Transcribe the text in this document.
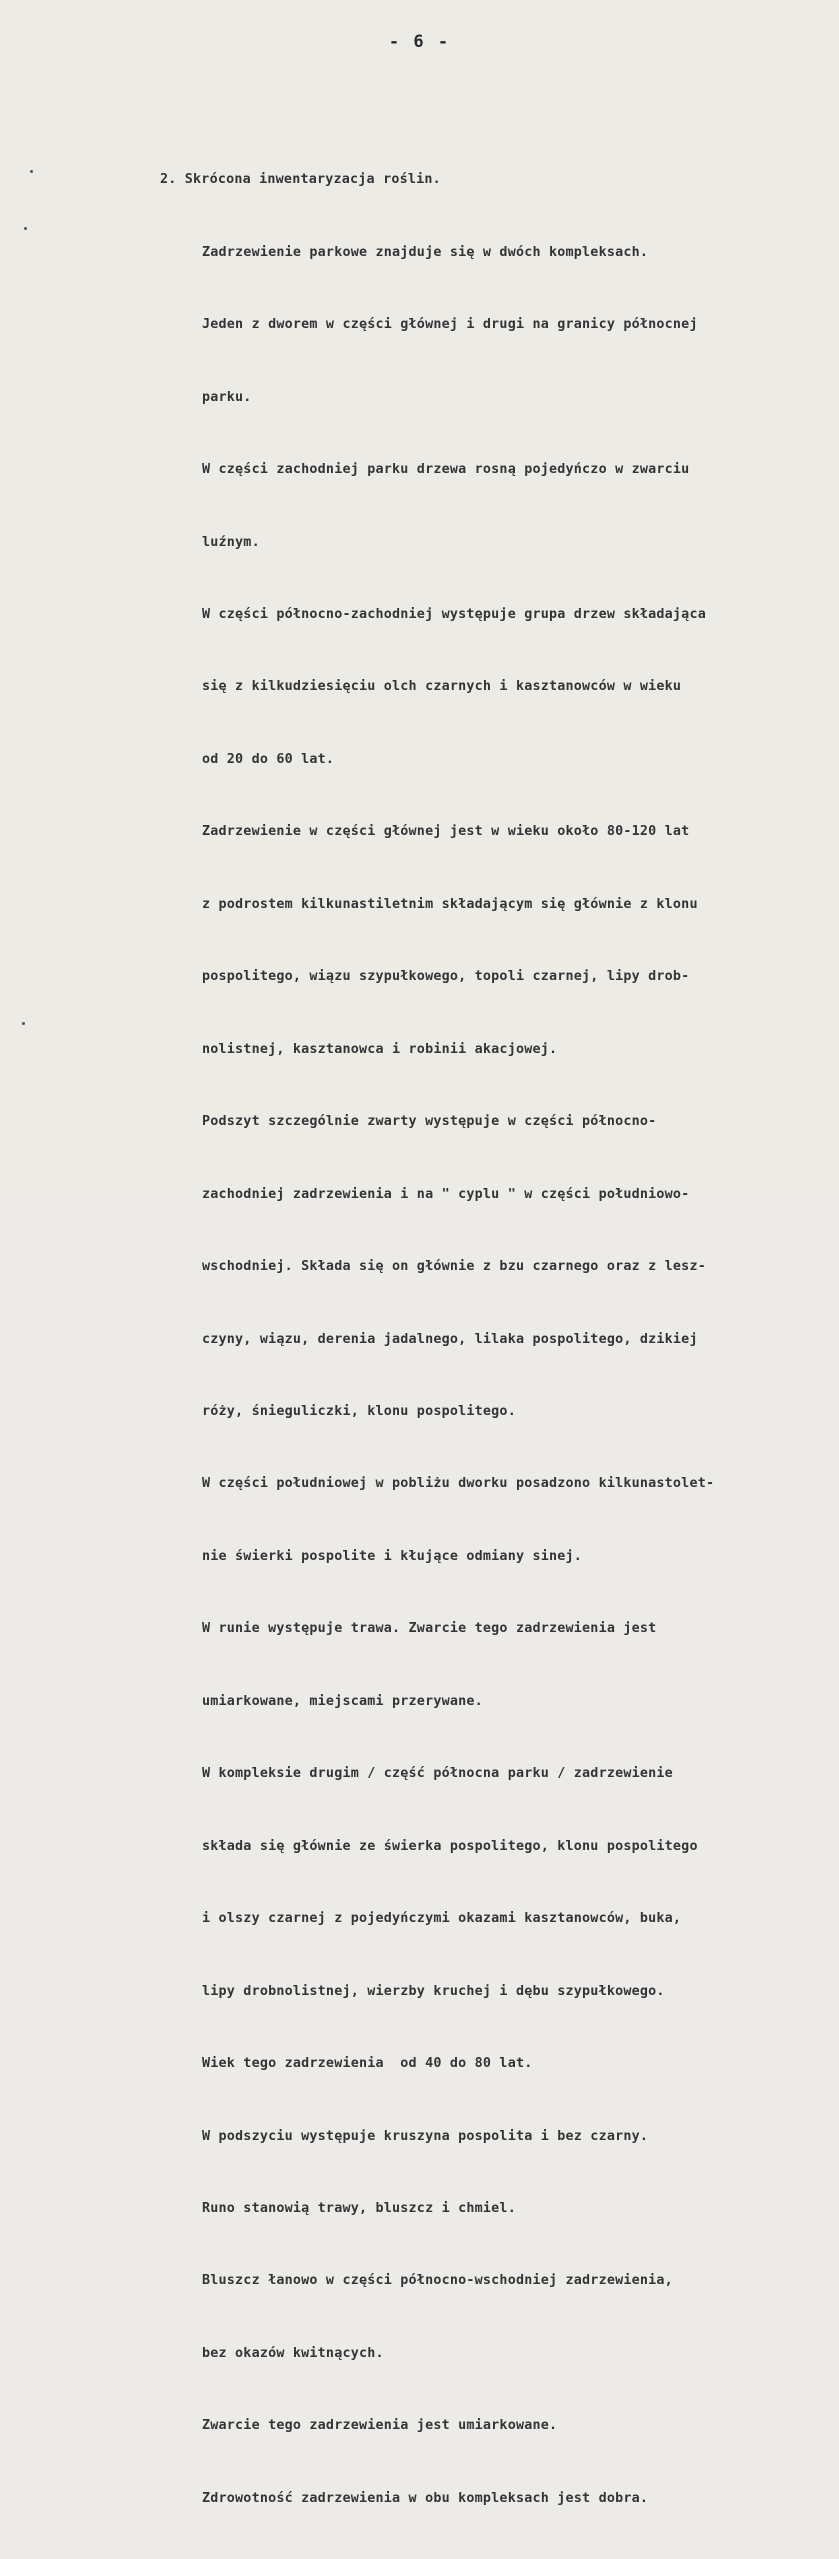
- 6 -

2. Skrócona inwentaryzacja roślin.

Zadrzewienie parkowe znajduje się w dwóch kompleksach.

Jeden z dworem w części głównej i drugi na granicy północnej

parku.

W części zachodniej parku drzewa rosną pojedyńczo w zwarciu

luźnym.

W części północno-zachodniej występuje grupa drzew składająca

się z kilkudziesięciu olch czarnych i kasztanowców w wieku

od 20 do 60 lat.

Zadrzewienie w części głównej jest w wieku około 80-120 lat

z podrostem kilkunastiletnim składającym się głównie z klonu

pospolitego, wiązu szypułkowego, topoli czarnej, lipy drob-

nolistnej, kasztanowca i robinii akacjowej.

Podszyt szczególnie zwarty występuje w części północno-

zachodniej zadrzewienia i na " cyplu " w części południowo-

wschodniej. Składa się on głównie z bzu czarnego oraz z lesz-

czyny, wiązu, derenia jadalnego, lilaka pospolitego, dzikiej

róży, śnieguliczki, klonu pospolitego.

W części południowej w pobliżu dworku posadzono kilkunastolet-

nie świerki pospolite i kłujące odmiany sinej.

W runie występuje trawa. Zwarcie tego zadrzewienia jest

umiarkowane, miejscami przerywane.

W kompleksie drugim / część północna parku / zadrzewienie

składa się głównie ze świerka pospolitego, klonu pospolitego

i olszy czarnej z pojedyńczymi okazami kasztanowców, buka,

lipy drobnolistnej, wierzby kruchej i dębu szypułkowego.

Wiek tego zadrzewienia  od 40 do 80 lat.

W podszyciu występuje kruszyna pospolita i bez czarny.

Runo stanowią trawy, bluszcz i chmiel.

Bluszcz łanowo w części północno-wschodniej zadrzewienia,

bez okazów kwitnących.

Zwarcie tego zadrzewienia jest umiarkowane.

Zdrowotność zadrzewienia w obu kompleksach jest dobra.
